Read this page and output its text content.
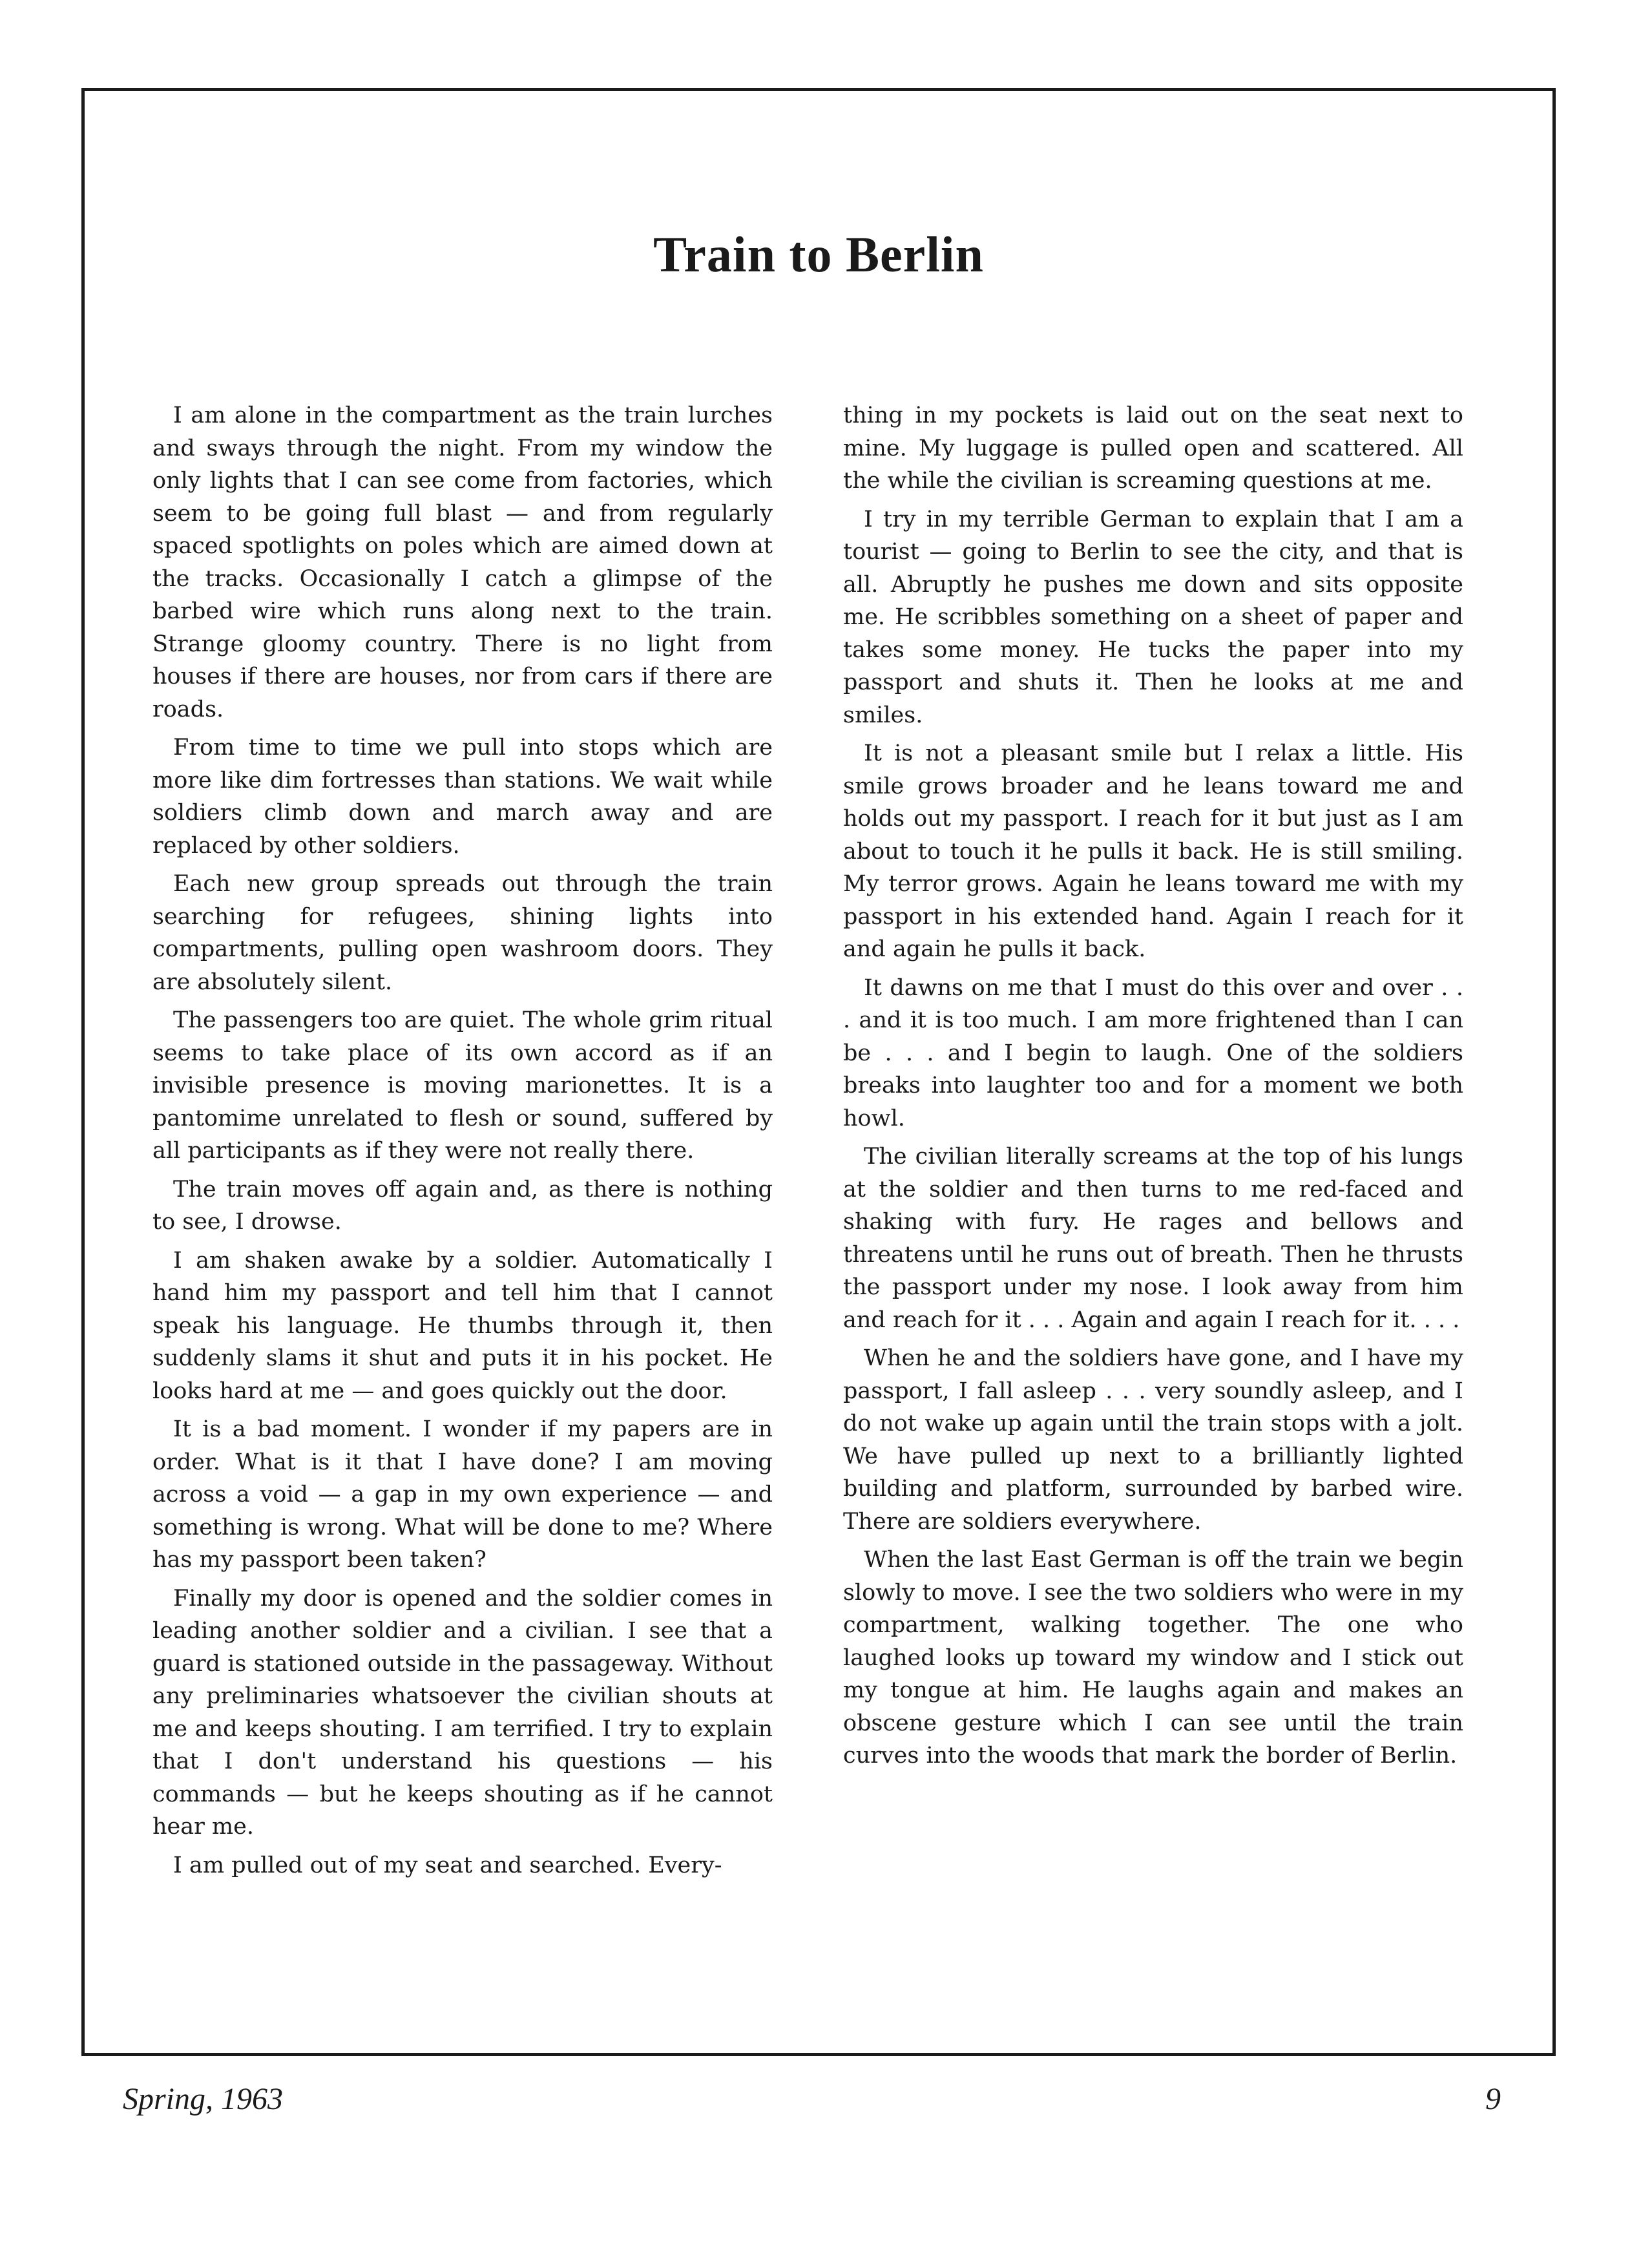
Train to Berlin

I am alone in the compartment as the train lurches and sways through the night. From my window the only lights that I can see come from factories, which seem to be going full blast — and from regularly spaced spotlights on poles which are aimed down at the tracks. Occasionally I catch a glimpse of the barbed wire which runs along next to the train. Strange gloomy country. There is no light from houses if there are houses, nor from cars if there are roads.

From time to time we pull into stops which are more like dim fortresses than stations. We wait while soldiers climb down and march away and are replaced by other soldiers.

Each new group spreads out through the train searching for refugees, shining lights into compartments, pulling open washroom doors. They are absolutely silent.

The passengers too are quiet. The whole grim ritual seems to take place of its own accord as if an invisible presence is moving marionettes. It is a pantomime unrelated to flesh or sound, suffered by all participants as if they were not really there.

The train moves off again and, as there is nothing to see, I drowse.

I am shaken awake by a soldier. Automatically I hand him my passport and tell him that I cannot speak his language. He thumbs through it, then suddenly slams it shut and puts it in his pocket. He looks hard at me — and goes quickly out the door.

It is a bad moment. I wonder if my papers are in order. What is it that I have done? I am moving across a void — a gap in my own experience — and something is wrong. What will be done to me? Where has my passport been taken?

Finally my door is opened and the soldier comes in leading another soldier and a civilian. I see that a guard is stationed outside in the passageway. Without any preliminaries whatsoever the civilian shouts at me and keeps shouting. I am terrified. I try to explain that I don't understand his questions — his commands — but he keeps shouting as if he cannot hear me.

I am pulled out of my seat and searched. Every-

thing in my pockets is laid out on the seat next to mine. My luggage is pulled open and scattered. All the while the civilian is screaming questions at me.

I try in my terrible German to explain that I am a tourist — going to Berlin to see the city, and that is all. Abruptly he pushes me down and sits opposite me. He scribbles something on a sheet of paper and takes some money. He tucks the paper into my passport and shuts it. Then he looks at me and smiles.

It is not a pleasant smile but I relax a little. His smile grows broader and he leans toward me and holds out my passport. I reach for it but just as I am about to touch it he pulls it back. He is still smiling. My terror grows. Again he leans toward me with my passport in his extended hand. Again I reach for it and again he pulls it back.

It dawns on me that I must do this over and over . . . and it is too much. I am more frightened than I can be . . . and I begin to laugh. One of the soldiers breaks into laughter too and for a moment we both howl.

The civilian literally screams at the top of his lungs at the soldier and then turns to me red-faced and shaking with fury. He rages and bellows and threatens until he runs out of breath. Then he thrusts the passport under my nose. I look away from him and reach for it . . . Again and again I reach for it. . . .

When he and the soldiers have gone, and I have my passport, I fall asleep . . . very soundly asleep, and I do not wake up again until the train stops with a jolt. We have pulled up next to a brilliantly lighted building and platform, surrounded by barbed wire. There are soldiers everywhere.

When the last East German is off the train we begin slowly to move. I see the two soldiers who were in my compartment, walking together. The one who laughed looks up toward my window and I stick out my tongue at him. He laughs again and makes an obscene gesture which I can see until the train curves into the woods that mark the border of Berlin.

Spring, 1963	9
